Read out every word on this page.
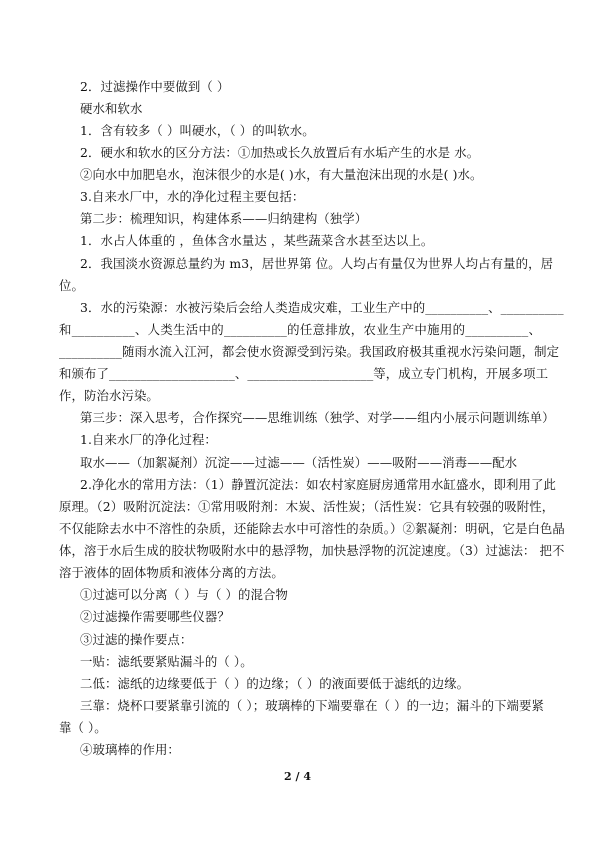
2．过滤操作中要做到（ ）
硬水和软水
1．含有较多（ ）叫硬水，（ ）的叫软水。
2．硬水和软水的区分方法：①加热或长久放置后有水垢产生的水是 水。
②向水中加肥皂水，泡沫很少的水是( )水，有大量泡沫出现的水是( )水。
3.自来水厂中，水的净化过程主要包括：
第二步：梳理知识，构建体系——归纳建构（独学）
1．水占人体重的 ，鱼体含水量达 ，某些蔬菜含水甚至达以上。
2．我国淡水资源总量约为 m3，居世界第 位。人均占有量仅为世界人均占有量的，居
位。
3．水的污染源：水被污染后会给人类造成灾难，工业生产中的__________、__________
和__________、人类生活中的__________的任意排放，农业生产中施用的__________、
__________随雨水流入江河，都会使水资源受到污染。我国政府极其重视水污染问题，制定
和颁布了____________________、____________________等，成立专门机构，开展多项工
作，防治水污染。
第三步：深入思考，合作探究——思维训练（独学、对学——组内小展示问题训练单）
1.自来水厂的净化过程：
取水——（加絮凝剂）沉淀——过滤——（活性炭）——吸附——消毒——配水
2.净化水的常用方法：（1）静置沉淀法：如农村家庭厨房通常用水缸盛水，即利用了此
原理。（2）吸附沉淀法：①常用吸附剂：木炭、活性炭；（活性炭：它具有较强的吸附性，
不仅能除去水中不溶性的杂质，还能除去水中可溶性的杂质。）②絮凝剂：明矾，它是白色晶
体，溶于水后生成的胶状物吸附水中的悬浮物，加快悬浮物的沉淀速度。（3）过滤法： 把不
溶于液体的固体物质和液体分离的方法。
①过滤可以分离（ ）与（ ）的混合物
②过滤操作需要哪些仪器？
③过滤的操作要点：
一贴：滤纸要紧贴漏斗的（ ）。
二低：滤纸的边缘要低于（ ）的边缘；（ ）的液面要低于滤纸的边缘。
三靠：烧杯口要紧靠引流的（ ）；玻璃棒的下端要靠在（ ）的一边；漏斗的下端要紧
靠（ ）。
④玻璃棒的作用：
2 / 4
